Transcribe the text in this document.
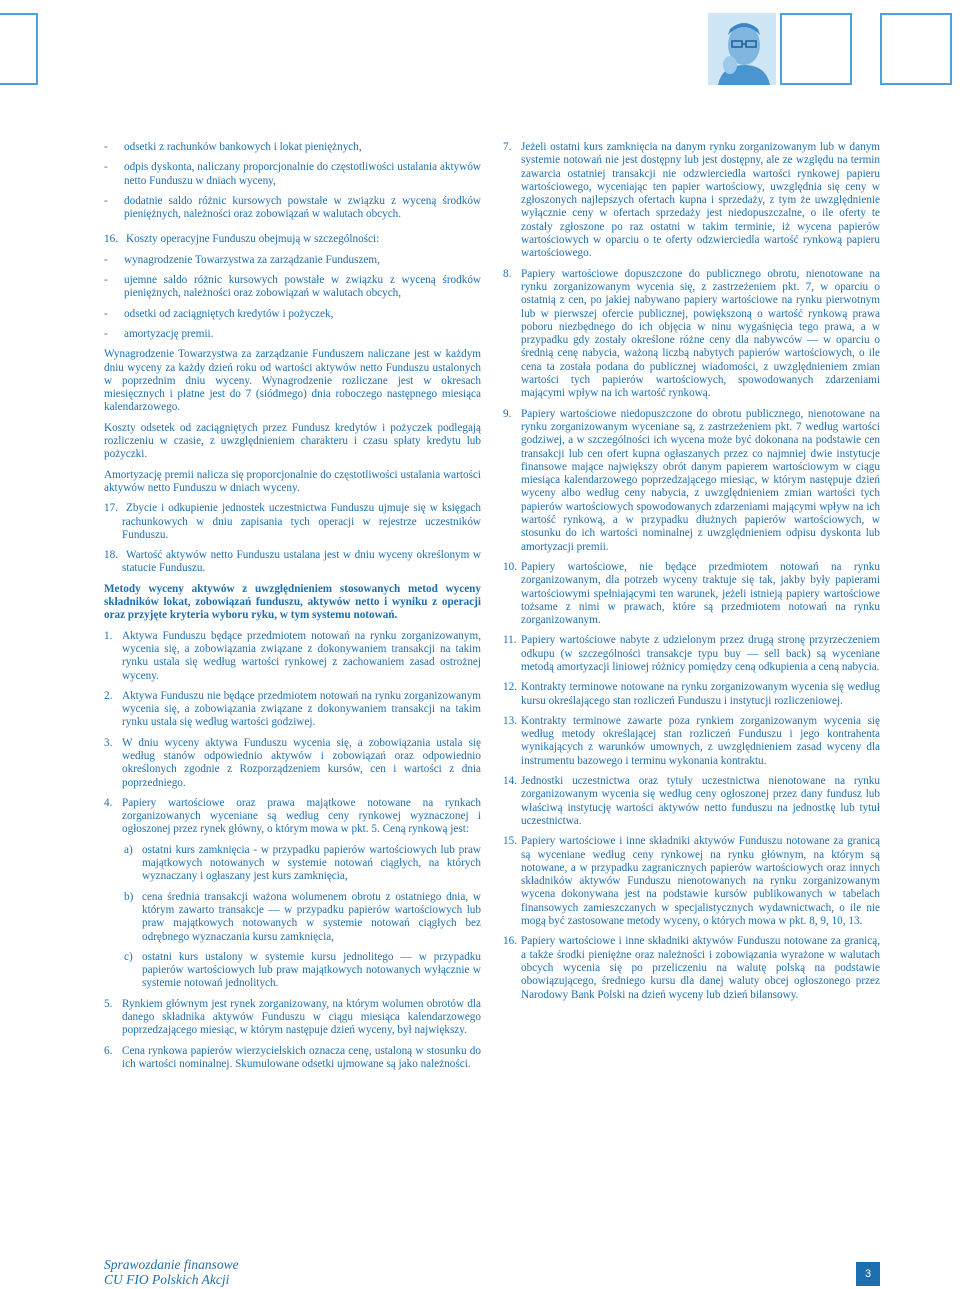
- odsetki z rachunków bankowych i lokat pieniężnych,
- odpis dyskonta, naliczany proporcjonalnie do częstotliwości ustalania aktywów netto Funduszu w dniach wyceny,
- dodatnie saldo różnic kursowych powstałe w związku z wyceną środków pieniężnych, należności oraz zobowiązań w walutach obcych.
16. Koszty operacyjne Funduszu obejmują w szczególności:
- wynagrodzenie Towarzystwa za zarządzanie Funduszem,
- ujemne saldo różnic kursowych powstałe w związku z wyceną środków pieniężnych, należności oraz zobowiązań w walutach obcych,
- odsetki od zaciągniętych kredytów i pożyczek,
- amortyzację premii.

Wynagrodzenie Towarzystwa za zarządzanie Funduszem naliczane jest w każdym dniu wyceny za każdy dzień roku od wartości aktywów netto Funduszu ustalonych w poprzednim dniu wyceny. Wynagrodzenie rozliczane jest w okresach miesięcznych i płatne jest do 7 (siódmego) dnia roboczego następnego miesiąca kalendarzowego.

Koszty odsetek od zaciągniętych przez Fundusz kredytów i pożyczek podlegają rozliczeniu w czasie, z uwzględnieniem charakteru i czasu spłaty kredytu lub pożyczki.

Amortyzację premii nalicza się proporcjonalnie do częstotliwości ustalania wartości aktywów netto Funduszu w dniach wyceny.

17. Zbycie i odkupienie jednostek uczestnictwa Funduszu ujmuje się w księgach rachunkowych w dniu zapisania tych operacji w rejestrze uczestników Funduszu.
18. Wartość aktywów netto Funduszu ustalana jest w dniu wyceny określonym w statucie Funduszu.

Metody wyceny aktywów z uwzględnieniem stosowanych metod wyceny składników lokat, zobowiązań funduszu, aktywów netto i wyniku z operacji oraz przyjęte kryteria wyboru ryku, w tym systemu notowań.

1. Aktywa Funduszu będące przedmiotem notowań na rynku zorganizowanym, wycenia się, a zobowiązania związane z dokonywaniem transakcji na takim rynku ustala się według wartości rynkowej z zachowaniem zasad ostrożnej wyceny.
2. Aktywa Funduszu nie będące przedmiotem notowań na rynku zorganizowanym wycenia się, a zobowiązania związane z dokonywaniem transakcji na takim rynku ustala się według wartości godziwej.
3. W dniu wyceny aktywa Funduszu wycenia się, a zobowiązania ustala się według stanów odpowiednio aktywów i zobowiązań oraz odpowiednio określonych zgodnie z Rozporządzeniem kursów, cen i wartości z dnia poprzedniego.
4. Papiery wartościowe oraz prawa majątkowe notowane na rynkach zorganizowanych wyceniane są według ceny rynkowej wyznaczonej i ogłoszonej przez rynek główny, o którym mowa w pkt. 5. Ceną rynkową jest:
a) ostatni kurs zamknięcia - w przypadku papierów wartościowych lub praw majątkowych notowanych w systemie notowań ciągłych, na których wyznaczany i ogłaszany jest kurs zamknięcia,
b) cena średnia transakcji ważona wolumenem obrotu z ostatniego dnia, w którym zawarto transakcje — w przypadku papierów wartościowych lub praw majątkowych notowanych w systemie notowań ciągłych bez odrębnego wyznaczania kursu zamknięcia,
c) ostatni kurs ustalony w systemie kursu jednolitego — w przypadku papierów wartościowych lub praw majątkowych notowanych wyłącznie w systemie notowań jednolitych.
5. Rynkiem głównym jest rynek zorganizowany, na którym wolumen obrotów dla danego składnika aktywów Funduszu w ciągu miesiąca kalendarzowego poprzedzającego miesiąc, w którym następuje dzień wyceny, był największy.
6. Cena rynkowa papierów wierzycielskich oznacza cenę, ustaloną w stosunku do ich wartości nominalnej. Skumulowane odsetki ujmowane są jako należności.
7. Jeżeli ostatni kurs zamknięcia na danym rynku zorganizowanym lub w danym systemie notowań nie jest dostępny lub jest dostępny, ale ze względu na termin zawarcia ostatniej transakcji nie odzwierciedla wartości rynkowej papieru wartościowego, wyceniając ten papier wartościowy, uwzględnia się ceny w zgłoszonych najlepszych ofertach kupna i sprzedaży, z tym że uwzględnienie wyłącznie ceny w ofertach sprzedaży jest niedopuszczalne, o ile oferty te zostały zgłoszone po raz ostatni w takim terminie, iż wycena papierów wartościowych w oparciu o te oferty odzwierciedla wartość rynkową papieru wartościowego.
8. Papiery wartościowe dopuszczone do publicznego obrotu, nienotowane na rynku zorganizowanym wycenia się, z zastrzeżeniem pkt. 7, w oparciu o ostatnią z cen, po jakiej nabywano papiery wartościowe na rynku pierwotnym lub w pierwszej ofercie publicznej, powiększoną o wartość rynkową prawa poboru niezbędnego do ich objęcia w ninu wygaśnięcia tego prawa, a w przypadku gdy zostały określone różne ceny dla nabywców — w oparciu o średnią cenę nabycia, ważoną liczbą nabytych papierów wartościowych, o ile cena ta została podana do publicznej wiadomości, z uwzględnieniem zmian wartości tych papierów wartościowych, spowodowanych zdarzeniami mającymi wpływ na ich wartość rynkową.
9. Papiery wartościowe niedopuszczone do obrotu publicznego, nienotowane na rynku zorganizowanym wyceniane są, z zastrzeżeniem pkt. 7 według wartości godziwej, a w szczególności ich wycena może być dokonana na podstawie cen transakcji lub cen ofert kupna ogłaszanych przez co najmniej dwie instytucje finansowe mające największy obrót danym papierem wartościowym w ciągu miesiąca kalendarzowego poprzedzającego miesiąc, w którym następuje dzień wyceny albo według ceny nabycia, z uwzględnieniem zmian wartości tych papierów wartościowych spowodowanych zdarzeniami mającymi wpływ na ich wartość rynkową, a w przypadku dłużnych papierów wartościowych, w stosunku do ich wartości nominalnej z uwzględnieniem odpisu dyskonta lub amortyzacji premii.
10. Papiery wartościowe, nie będące przedmiotem notowań na rynku zorganizowanym, dla potrzeb wyceny traktuje się tak, jakby były papierami wartościowymi spełniającymi ten warunek, jeżeli istnieją papiery wartościowe tożsame z nimi w prawach, które są przedmiotem notowań na rynku zorganizowanym.
11. Papiery wartościowe nabyte z udzielonym przez drugą stronę przyrzeczeniem odkupu (w szczególności transakcje typu buy — sell back) są wyceniane metodą amortyzacji liniowej różnicy pomiędzy ceną odkupienia a ceną nabycia.
12. Kontrakty terminowe notowane na rynku zorganizowanym wycenia się według kursu określającego stan rozliczeń Funduszu i instytucji rozliczeniowej.
13. Kontrakty terminowe zawarte poza rynkiem zorganizowanym wycenia się według metody określającej stan rozliczeń Funduszu i jego kontrahenta wynikających z warunków umownych, z uwzględnieniem zasad wyceny dla instrumentu bazowego i terminu wykonania kontraktu.
14. Jednostki uczestnictwa oraz tytuły uczestnictwa nienotowane na rynku zorganizowanym wycenia się według ceny ogłoszonej przez dany fundusz lub właściwą instytucję wartości aktywów netto funduszu na jednostkę lub tytuł uczestnictwa.
15. Papiery wartościowe i inne składniki aktywów Funduszu notowane za granicą są wyceniane według ceny rynkowej na rynku głównym, na którym są notowane, a w przypadku zagranicznych papierów wartościowych oraz innych składników aktywów Funduszu nienotowanych na rynku zorganizowanym wycena dokonywana jest na podstawie kursów publikowanych w tabelach finansowych zamieszczanych w specjalistycznych wydawnictwach, o ile nie mogą być zastosowane metody wyceny, o których mowa w pkt. 8, 9, 10, 13.
16. Papiery wartościowe i inne składniki aktywów Funduszu notowane za granicą, a także środki pieniężne oraz należności i zobowiązania wyrażone w walutach obcych wycenia się po przeliczeniu na walutę polską na podstawie obowiązującego, średniego kursu dla danej waluty obcej ogłoszonego przez Narodowy Bank Polski na dzień wyceny lub dzień bilansowy.
Sprawozdanie finansowe
CU FIO Polskich Akcji	3
